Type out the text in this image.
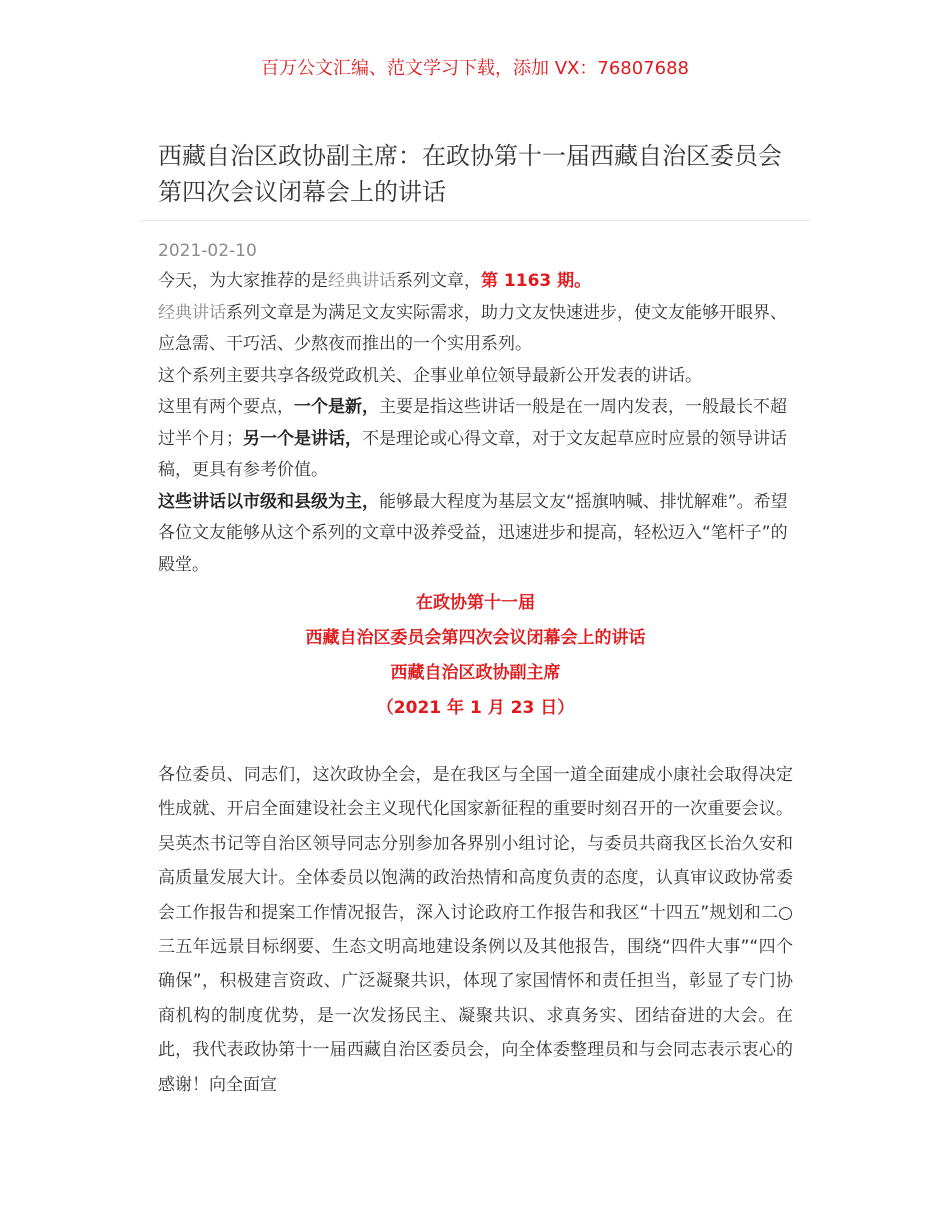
百万公文汇编、范文学习下载，添加 VX：76807688
西藏自治区政协副主席：在政协第十一届西藏自治区委员会第四次会议闭幕会上的讲话
2021-02-10

今天，为大家推荐的是经典讲话系列文章，第 1163 期。

经典讲话系列文章是为满足文友实际需求，助力文友快速进步，使文友能够开眼界、应急需、干巧活、少熬夜而推出的一个实用系列。

这个系列主要共享各级党政机关、企事业单位领导最新公开发表的讲话。

这里有两个要点，一个是新，主要是指这些讲话一般是在一周内发表，一般最长不超过半个月；另一个是讲话，不是理论或心得文章，对于文友起草应时应景的领导讲话稿，更具有参考价值。

这些讲话以市级和县级为主，能够最大程度为基层文友“摇旗呐喊、排忧解难”。希望各位文友能够从这个系列的文章中汲养受益，迅速进步和提高，轻松迈入“笔杆子”的殿堂。

在政协第十一届
西藏自治区委员会第四次会议闭幕会上的讲话
西藏自治区政协副主席
（2021 年 1 月 23 日）

各位委员、同志们，这次政协全会，是在我区与全国一道全面建成小康社会取得决定性成就、开启全面建设社会主义现代化国家新征程的重要时刻召开的一次重要会议。吴英杰书记等自治区领导同志分别参加各界别小组讨论，与委员共商我区长治久安和高质量发展大计。全体委员以饱满的政治热情和高度负责的态度，认真审议政协常委会工作报告和提案工作情况报告，深入讨论政府工作报告和我区“十四五”规划和二○三五年远景目标纲要、生态文明高地建设条例以及其他报告，围绕“四件大事”“四个确保”，积极建言资政、广泛凝聚共识，体现了家国情怀和责任担当，彰显了专门协商机构的制度优势，是一次发扬民主、凝聚共识、求真务实、团结奋进的大会。在此，我代表政协第十一届西藏自治区委员会，向全体委整理员和与会同志表示衷心的感谢！向全面宣
